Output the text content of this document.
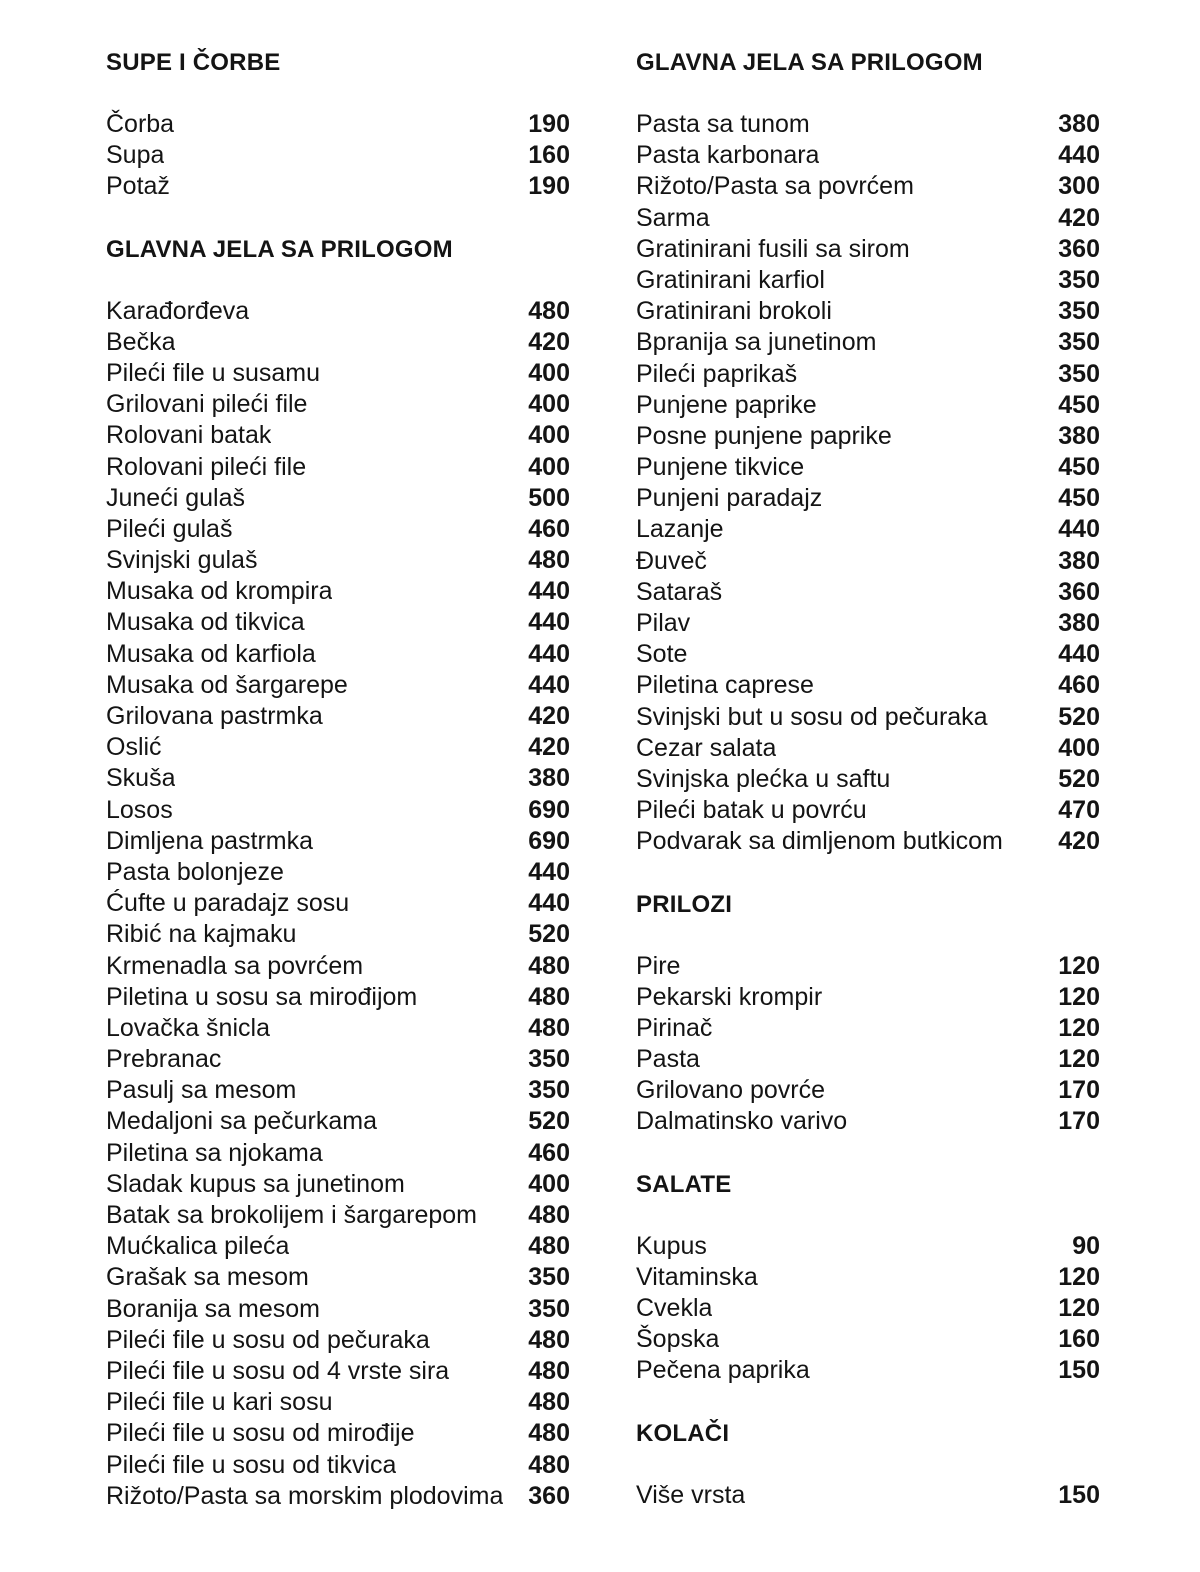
SUPE I ČORBE
Čorba	190
Supa	160
Potaž	190
GLAVNA JELA SA PRILOGOM
Karađorđeva	480
Bečka	420
Pileći file u susamu	400
Grilovani pileći file	400
Rolovani batak	400
Rolovani pileći file	400
Juneći gulaš	500
Pileći gulaš	460
Svinjski gulaš	480
Musaka od krompira	440
Musaka od tikvica	440
Musaka od karfiola	440
Musaka od šargarepe	440
Grilovana pastrmka	420
Oslić	420
Skuša	380
Losos	690
Dimljena pastrmka	690
Pasta bolonjeze	440
Ćufte u paradajz sosu	440
Ribić na kajmaku	520
Krmenadla sa povrćem	480
Piletina u sosu sa mirođijom	480
Lovačka šnicla	480
Prebranac	350
Pasulj sa mesom	350
Medaljoni sa pečurkama	520
Piletina sa njokama	460
Sladak kupus sa junetinom	400
Batak sa brokolijem i šargarepom 480
Mućkalica pileća	480
Grašak sa mesom	350
Boranija sa mesom	350
Pileći file u sosu od pečuraka	480
Pileći file u sosu od 4 vrste sira	480
Pileći file u kari sosu	480
Pileći file u sosu od mirođije	480
Pileći file u sosu od tikvica	480
Rižoto/Pasta sa morskim plodovima 360
GLAVNA JELA SA PRILOGOM
Pasta sa tunom	380
Pasta karbonara	440
Rižoto/Pasta sa povrćem	300
Sarma	420
Gratinirani fusili sa sirom	360
Gratinirani karfiol	350
Gratinirani brokoli	350
Bpranija sa junetinom	350
Pileći paprikaš	350
Punjene paprike	450
Posne punjene paprike	380
Punjene tikvice	450
Punjeni paradajz	450
Lazanje	440
Đuveč	380
Sataraš	360
Pilav	380
Sote	440
Piletina caprese	460
Svinjski but u sosu od pečuraka	520
Cezar salata	400
Svinjska plećka u saftu	520
Pileći batak u povrću	470
Podvarak sa dimljenom butkicom 420
PRILOZI
Pire	120
Pekarski krompir	120
Pirinač	120
Pasta	120
Grilovano povrće	170
Dalmatinsko varivo	170
SALATE
Kupus	90
Vitaminska	120
Cvekla	120
Šopska	160
Pečena paprika	150
KOLAČI
Više vrsta	150
